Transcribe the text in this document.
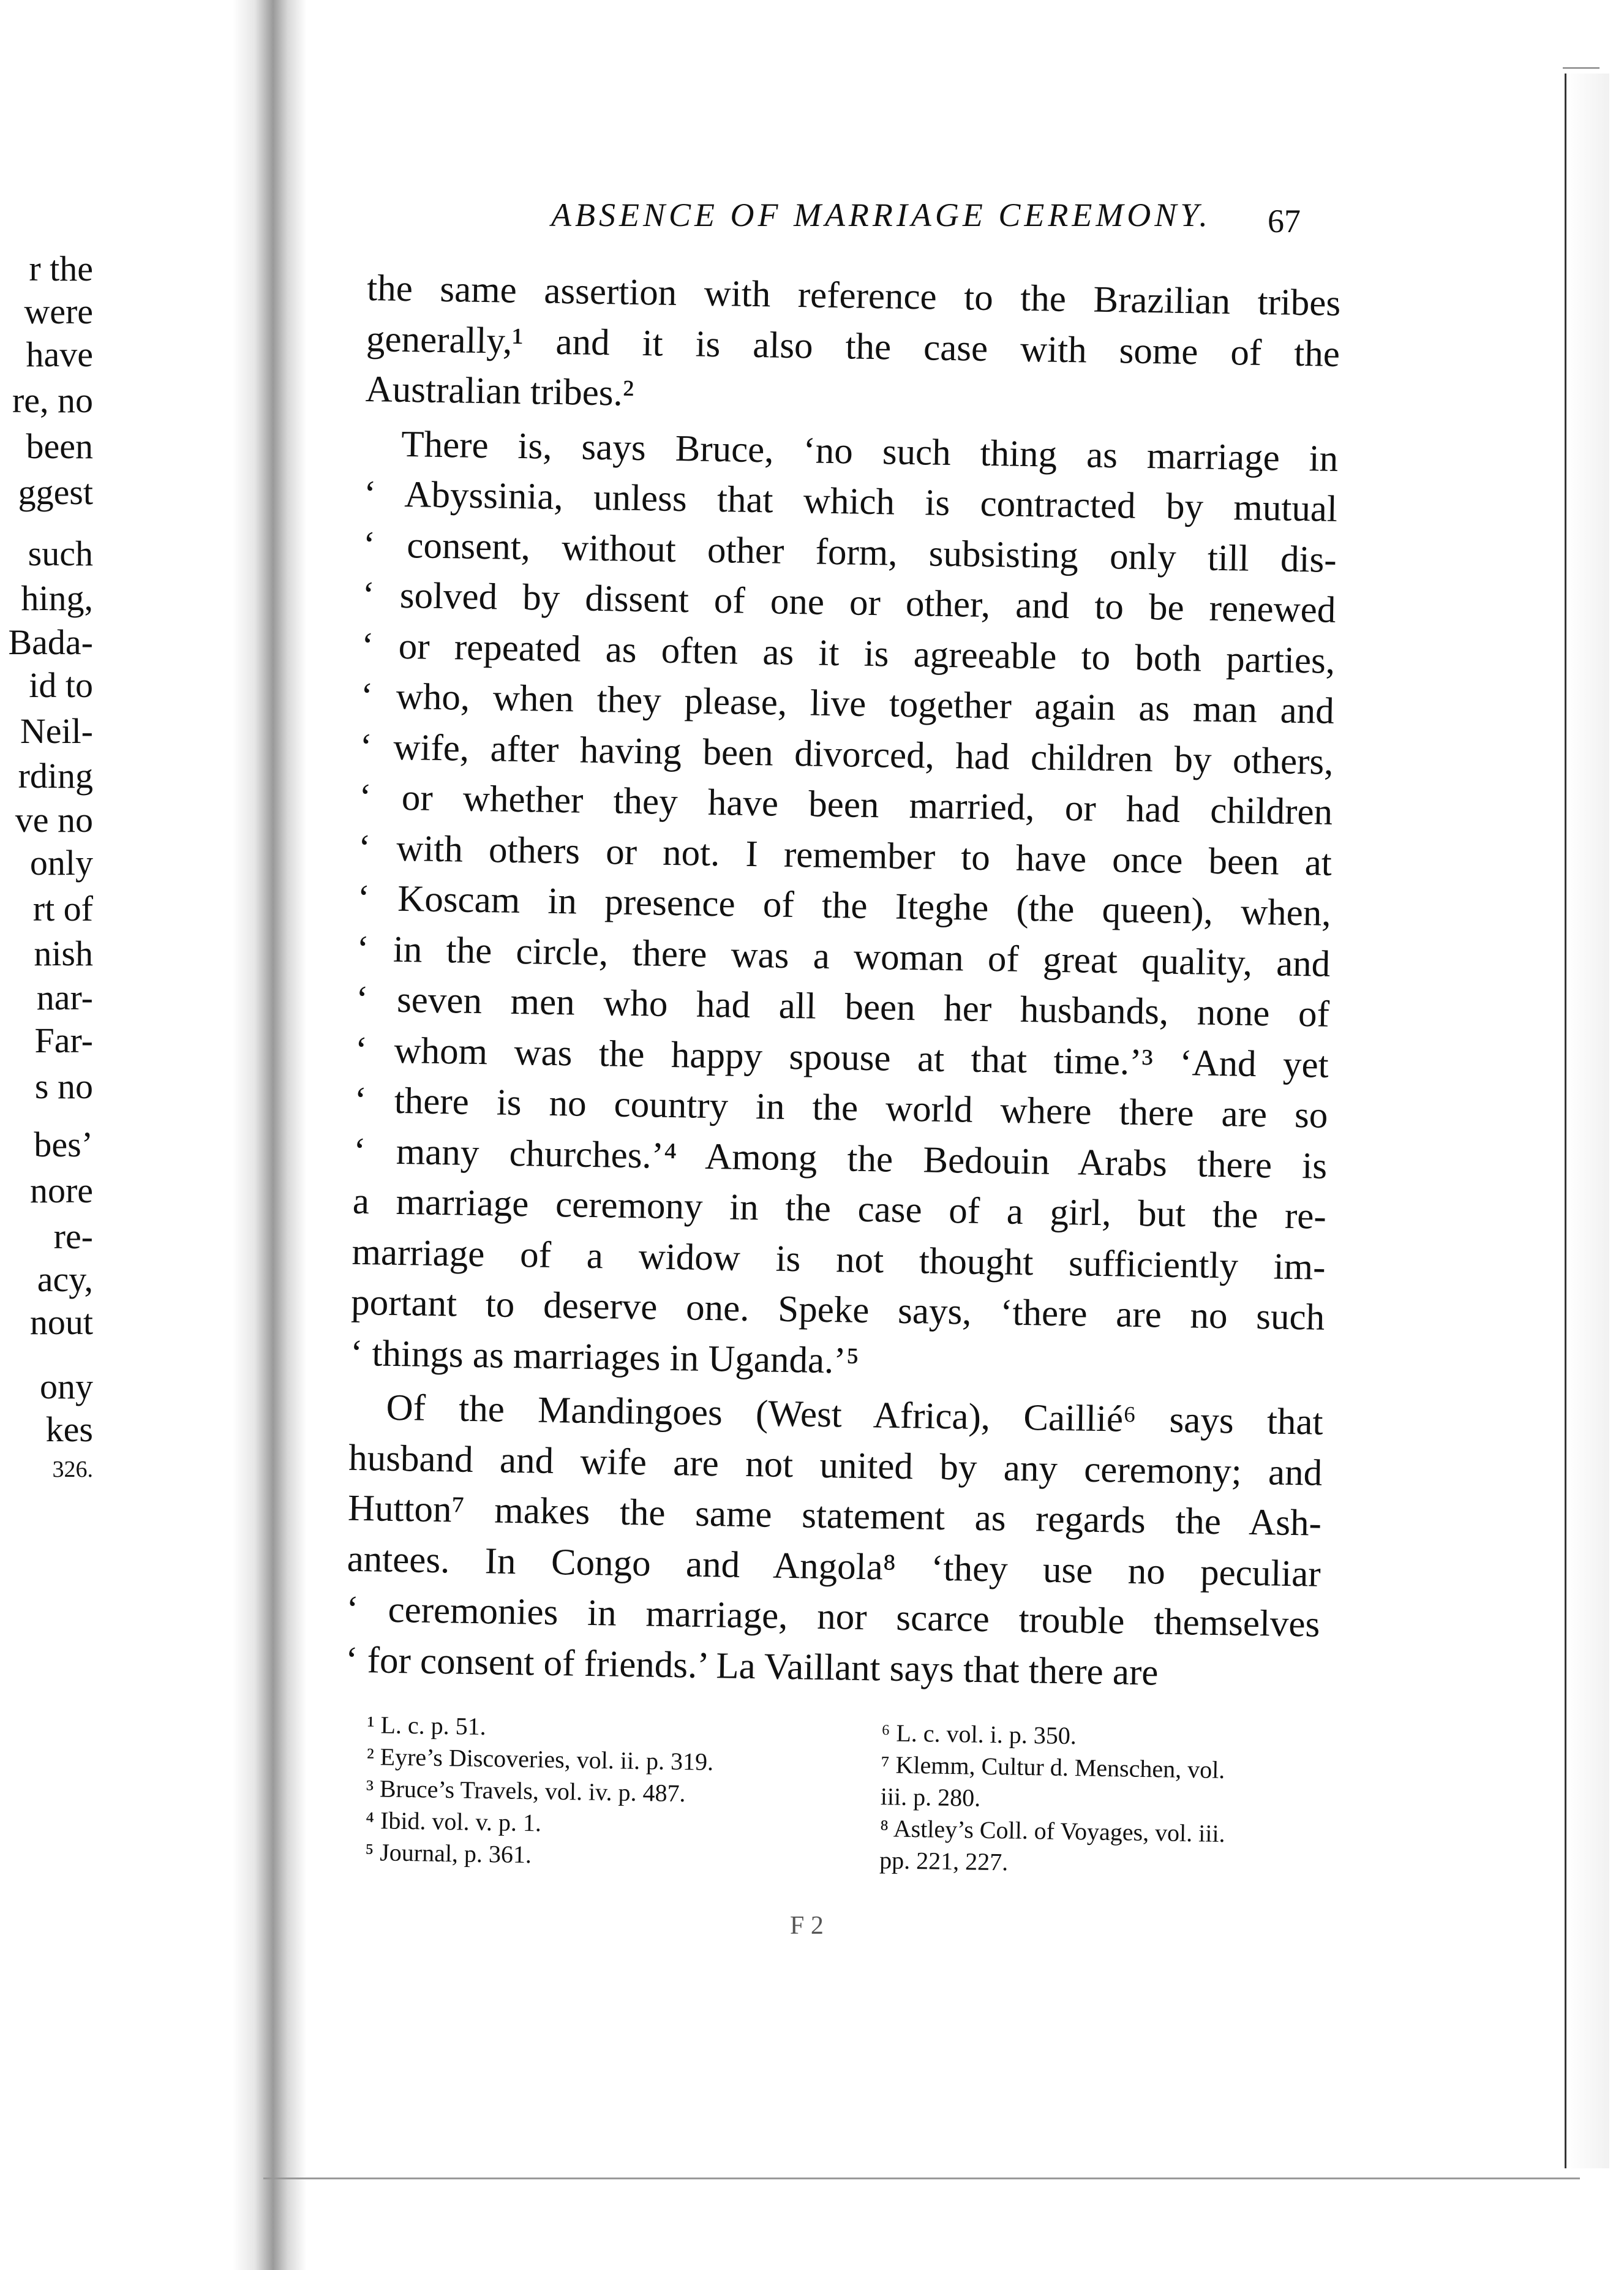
r the
were
have
re, no
been
ggest
such
hing,
Bada-
id to
Neil-
rding
ve no
only
rt of
nish
nar-
Far-
s no
bes’
nore
re-
acy,
nout
ony
kes
326.
ABSENCE OF MARRIAGE CEREMONY.	67
the same assertion with reference to the Brazilian tribes
generally,¹ and it is also the case with some of the
Australian tribes.²
There is, says Bruce, ‘no such thing as marriage in
‘ Abyssinia, unless that which is contracted by mutual
‘ consent, without other form, subsisting only till dis-
‘ solved by dissent of one or other, and to be renewed
‘ or repeated as often as it is agreeable to both parties,
‘ who, when they please, live together again as man and
‘ wife, after having been divorced, had children by others,
‘ or whether they have been married, or had children
‘ with others or not. I remember to have once been at
‘ Koscam in presence of the Iteghe (the queen), when,
‘ in the circle, there was a woman of great quality, and
‘ seven men who had all been her husbands, none of
‘ whom was the happy spouse at that time.’³ ‘And yet
‘ there is no country in the world where there are so
‘ many churches.’⁴ Among the Bedouin Arabs there is
a marriage ceremony in the case of a girl, but the re-
marriage of a widow is not thought sufficiently im-
portant to deserve one. Speke says, ‘there are no such
‘ things as marriages in Uganda.’⁵
Of the Mandingoes (West Africa), Caillié⁶ says that
husband and wife are not united by any ceremony; and
Hutton⁷ makes the same statement as regards the Ash-
antees. In Congo and Angola⁸ ‘they use no peculiar
‘ ceremonies in marriage, nor scarce trouble themselves
‘ for consent of friends.’ La Vaillant says that there are
¹ L. c. p. 51.
² Eyre’s Discoveries, vol. ii. p. 319.
³ Bruce’s Travels, vol. iv. p. 487.
⁴ Ibid. vol. v. p. 1.
⁵ Journal, p. 361.
⁶ L. c. vol. i. p. 350.
⁷ Klemm, Cultur d. Menschen, vol.
iii. p. 280.
⁸ Astley’s Coll. of Voyages, vol. iii.
pp. 221, 227.
F 2
